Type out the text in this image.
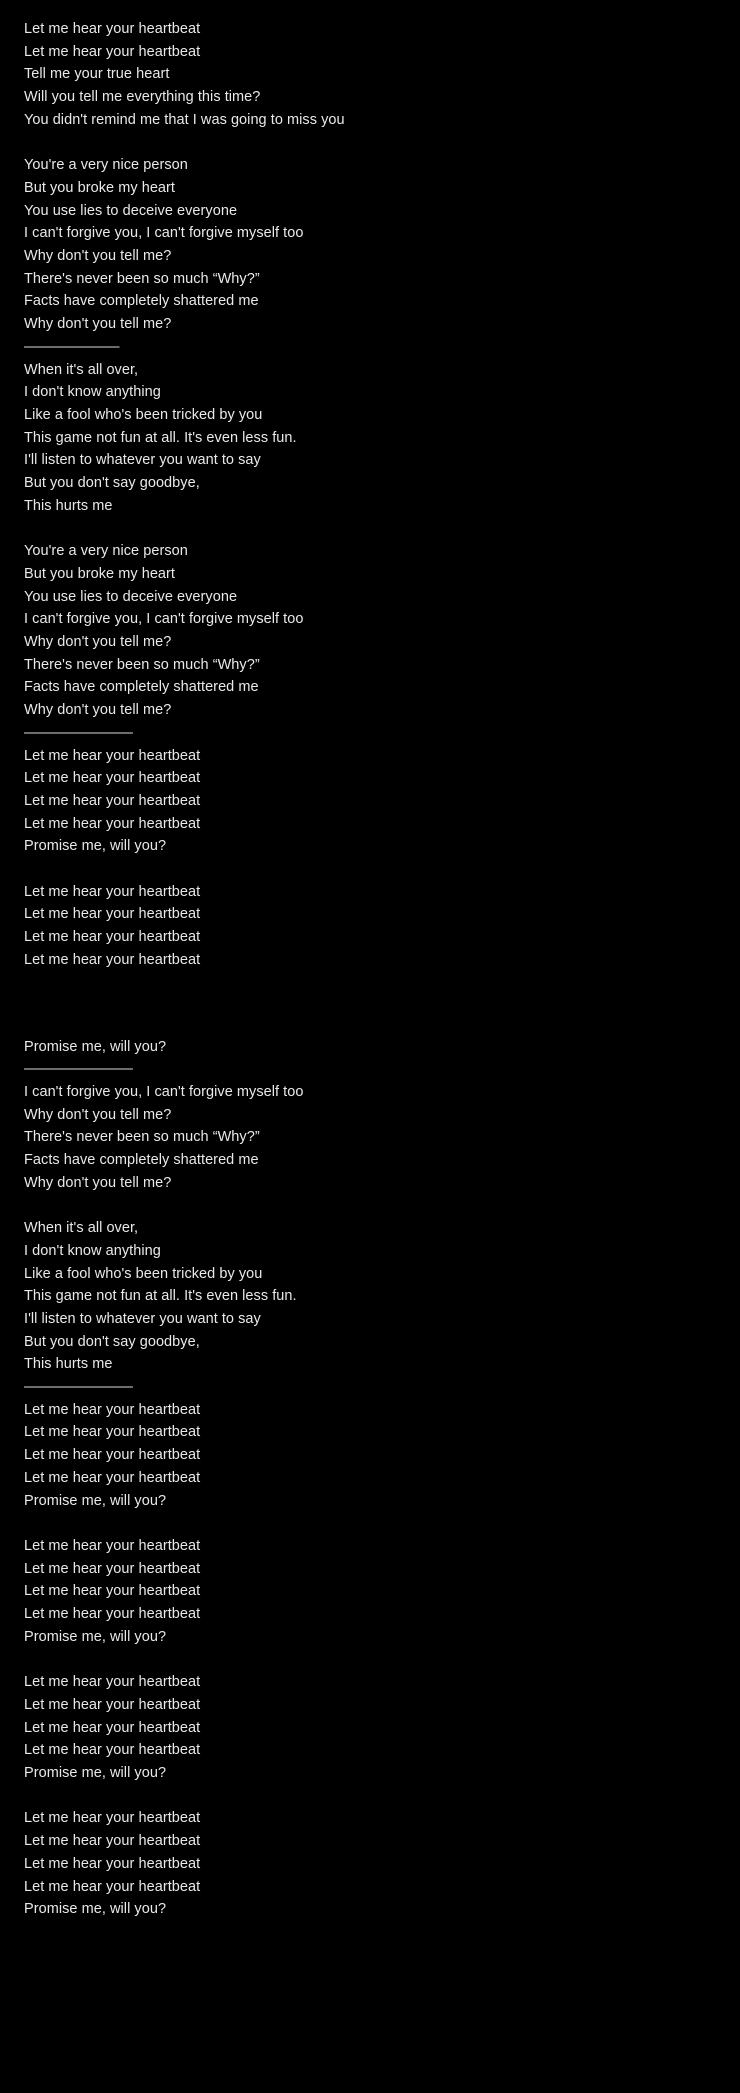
Let me hear your heartbeat
Let me hear your heartbeat
Tell me your true heart
Will you tell me everything this time?
You didn't remind me that I was going to miss you

You're a very nice person
But you broke my heart
You use lies to deceive everyone
I can't forgive you, I can't forgive myself too
Why don't you tell me?
There's never been so much “Why?”
Facts have completely shattered me
Why don't you tell me?
———————
When it's all over,
I don't know anything
Like a fool who's been tricked by you
This game not fun at all. It's even less fun.
I'll listen to whatever you want to say
But you don't say goodbye,
This hurts me

You're a very nice person
But you broke my heart
You use lies to deceive everyone
I can't forgive you, I can't forgive myself too
Why don't you tell me?
There's never been so much “Why?”
Facts have completely shattered me
Why don't you tell me?
————————
Let me hear your heartbeat
Let me hear your heartbeat
Let me hear your heartbeat
Let me hear your heartbeat
Promise me, will you?

Let me hear your heartbeat
Let me hear your heartbeat
Let me hear your heartbeat
Let me hear your heartbeat
Promise me, will you?
————————
I can't forgive you, I can't forgive myself too
Why don't you tell me?
There's never been so much “Why?”
Facts have completely shattered me
Why don't you tell me?

When it's all over,
I don't know anything
Like a fool who's been tricked by you
This game not fun at all. It's even less fun.
I'll listen to whatever you want to say
But you don't say goodbye,
This hurts me
————————
Let me hear your heartbeat
Let me hear your heartbeat
Let me hear your heartbeat
Let me hear your heartbeat
Promise me, will you?

Let me hear your heartbeat
Let me hear your heartbeat
Let me hear your heartbeat
Let me hear your heartbeat
Promise me, will you?

Let me hear your heartbeat
Let me hear your heartbeat
Let me hear your heartbeat
Let me hear your heartbeat
Promise me, will you?

Let me hear your heartbeat
Let me hear your heartbeat
Let me hear your heartbeat
Let me hear your heartbeat
Promise me, will you?
